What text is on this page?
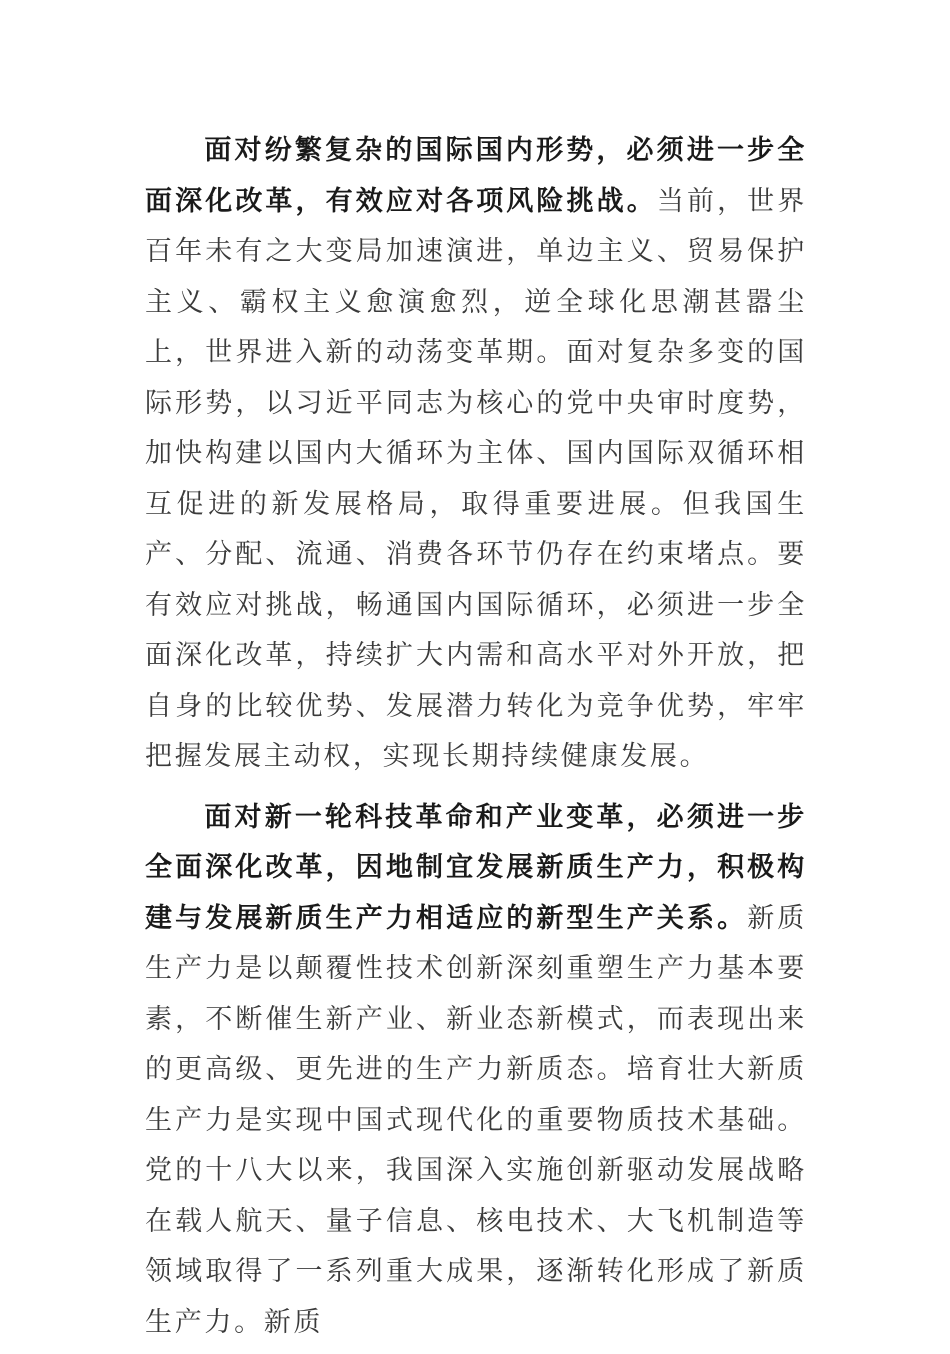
面对纷繁复杂的国际国内形势，必须进一步全面深化改革，有效应对各项风险挑战。当前，世界百年未有之大变局加速演进，单边主义、贸易保护主义、霸权主义愈演愈烈，逆全球化思潮甚嚣尘上，世界进入新的动荡变革期。面对复杂多变的国际形势，以习近平同志为核心的党中央审时度势，加快构建以国内大循环为主体、国内国际双循环相互促进的新发展格局，取得重要进展。但我国生产、分配、流通、消费各环节仍存在约束堵点。要有效应对挑战，畅通国内国际循环，必须进一步全面深化改革，持续扩大内需和高水平对外开放，把自身的比较优势、发展潜力转化为竞争优势，牢牢把握发展主动权，实现长期持续健康发展。

面对新一轮科技革命和产业变革，必须进一步全面深化改革，因地制宜发展新质生产力，积极构建与发展新质生产力相适应的新型生产关系。新质生产力是以颠覆性技术创新深刻重塑生产力基本要素，不断催生新产业、新业态新模式，而表现出来的更高级、更先进的生产力新质态。培育壮大新质生产力是实现中国式现代化的重要物质技术基础。党的十八大以来，我国深入实施创新驱动发展战略在载人航天、量子信息、核电技术、大飞机制造等领域取得了一系列重大成果，逐渐转化形成了新质生产力。新质
